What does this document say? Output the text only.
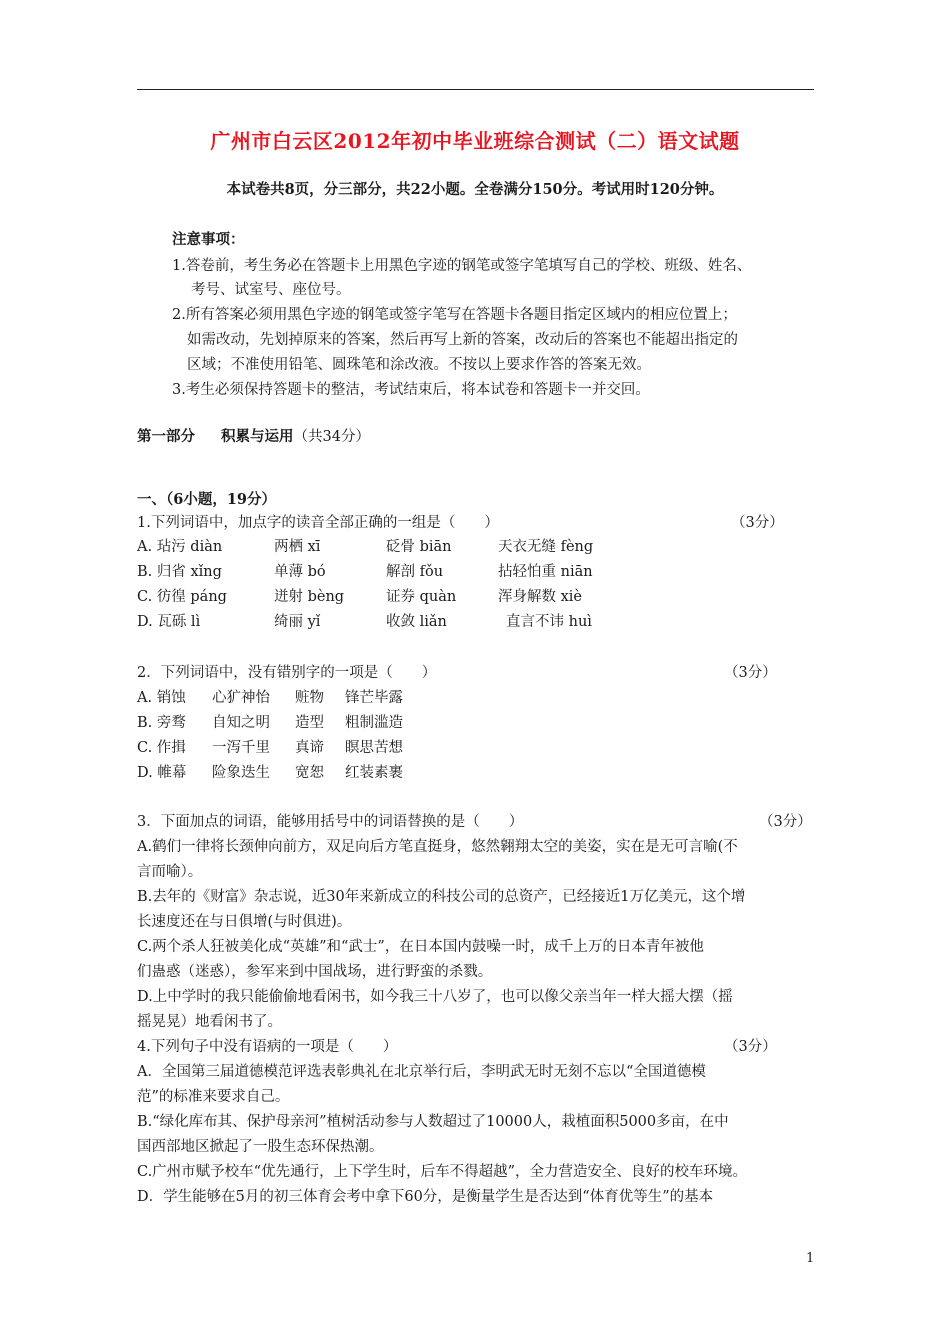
广州市白云区2012年初中毕业班综合测试（二）语文试题
本试卷共8页，分三部分，共22小题。全卷满分150分。考试用时120分钟。
注意事项：
1.答卷前，考生务必在答题卡上用黑色字迹的钢笔或签字笔填写自己的学校、班级、姓名、
考号、试室号、座位号。
2.所有答案必须用黑色字迹的钢笔或签字笔写在答题卡各题目指定区域内的相应位置上；
如需改动，先划掉原来的答案，然后再写上新的答案，改动后的答案也不能超出指定的
区域；不准使用铅笔、圆珠笔和涂改液。不按以上要求作答的答案无效。
3.考生必须保持答题卡的整洁，考试结束后，将本试卷和答题卡一并交回。
第一部分 积累与运用（共34分）
一、（6小题，19分）
1.下列词语中，加点字的读音全部正确的一组是（　　）	（3分）
A. 玷污 diàn	两栖 xī	砭骨 biān	天衣无缝 fèng
B. 归省 xǐng	单薄 bó	解剖 fǒu	拈轻怕重 niān
C. 彷徨 páng	迸射 bèng	证券 quàn	浑身解数 xiè
D. 瓦砾 lì	绮丽 yǐ	收敛 liǎn	直言不讳 huì
2．下列词语中，没有错别字的一项是（　　）	（3分）
A. 销蚀 心犷神怡 赃物 锋芒毕露
B. 旁骛 自知之明 造型 粗制滥造
C. 作揖 一泻千里 真谛 瞑思苦想
D. 帷幕 险象迭生 宽恕 红装素裹
3．下面加点的词语，能够用括号中的词语替换的是（　　）	（3分）
A.鹤们一律将长颈伸向前方，双足向后方笔直挺身，悠然翱翔太空的美姿，实在是无可言喻(不
言而喻）。
B.去年的《财富》杂志说，近30年来新成立的科技公司的总资产，已经接近1万亿美元，这个增
长速度还在与日俱增(与时俱进)。
C.两个杀人狂被美化成“英雄”和“武士”，在日本国内鼓噪一时，成千上万的日本青年被他
们蛊惑（迷惑），参军来到中国战场，进行野蛮的杀戮。
D.上中学时的我只能偷偷地看闲书，如今我三十八岁了，也可以像父亲当年一样大摇大摆（摇
摇晃晃）地看闲书了。
4.下列句子中没有语病的一项是（　　）	（3分）
A．全国第三届道德模范评选表彰典礼在北京举行后，李明武无时无刻不忘以“全国道德模
范”的标准来要求自己。
B.“绿化库布其、保护母亲河”植树活动参与人数超过了10000人，栽植面积5000多亩，在中
国西部地区掀起了一股生态环保热潮。
C.广州市赋予校车“优先通行，上下学生时，后车不得超越”，全力营造安全、良好的校车环境。
D．学生能够在5月的初三体育会考中拿下60分，是衡量学生是否达到“体育优等生”的基本
1
